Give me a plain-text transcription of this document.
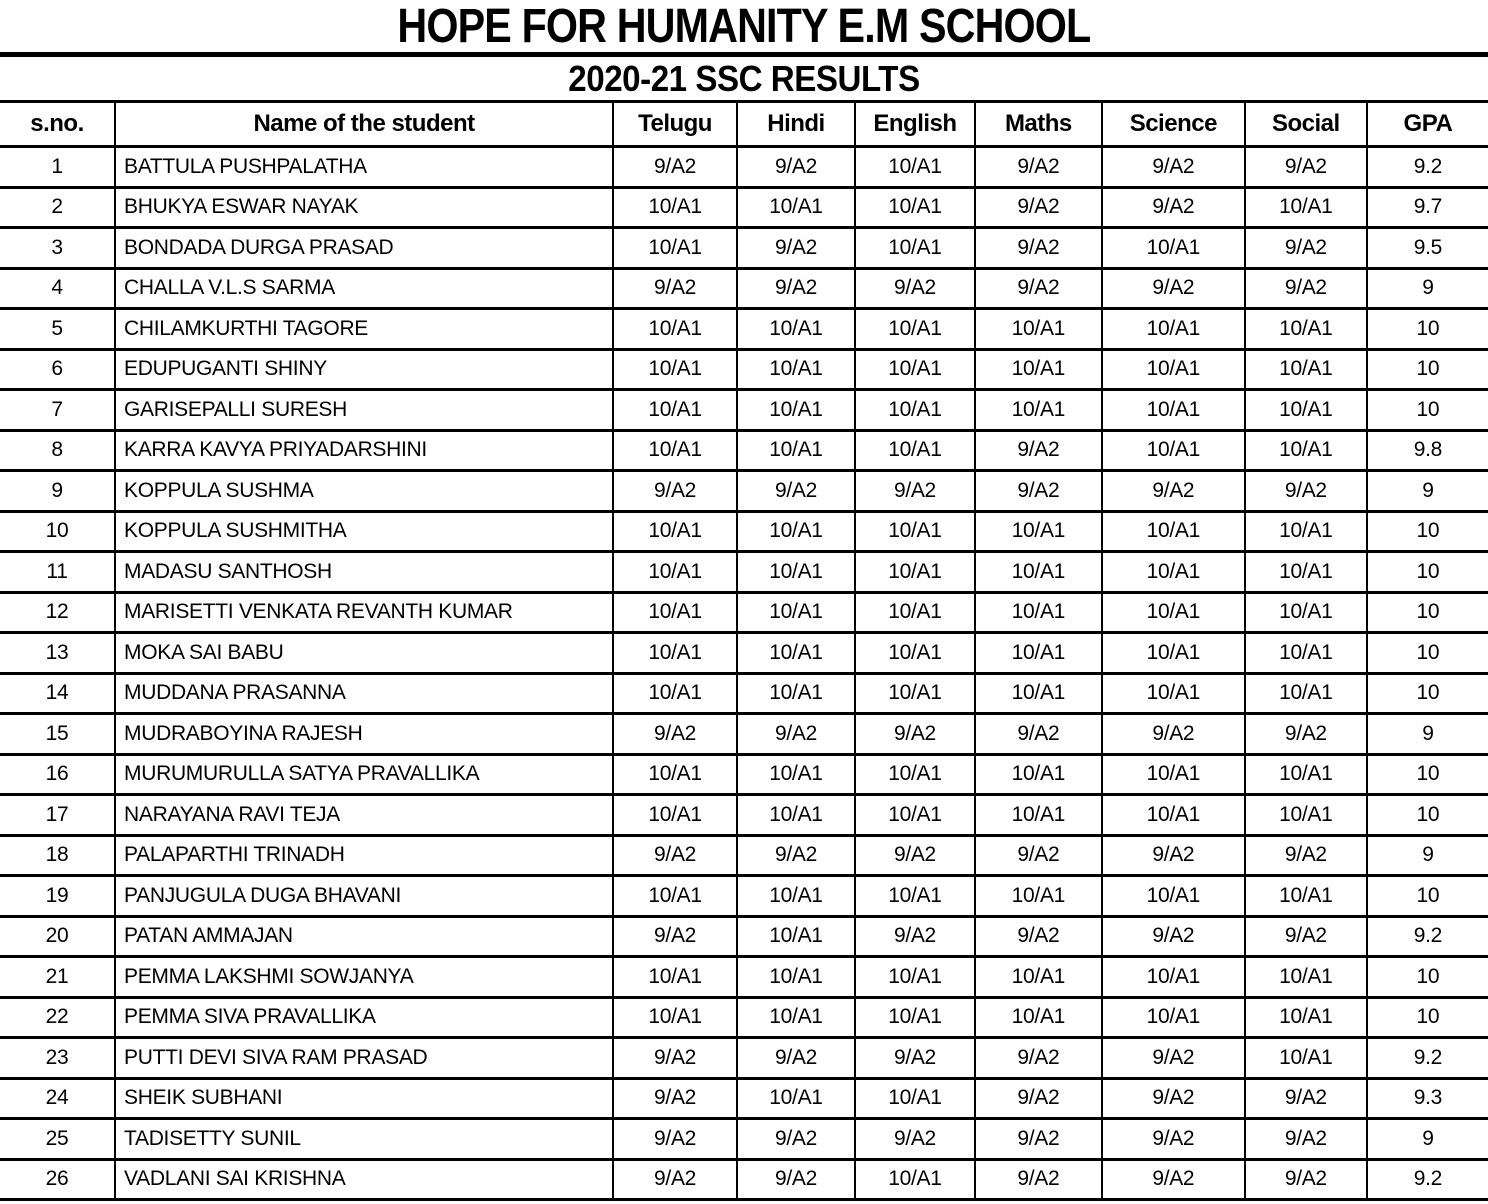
HOPE FOR HUMANITY E.M SCHOOL
2020-21 SSC RESULTS
s.no.	Name of the student	Telugu	Hindi	English	Maths	Science	Social	GPA
1	BATTULA PUSHPALATHA	9/A2	9/A2	10/A1	9/A2	9/A2	9/A2	9.2
2	BHUKYA ESWAR NAYAK	10/A1	10/A1	10/A1	9/A2	9/A2	10/A1	9.7
3	BONDADA DURGA PRASAD	10/A1	9/A2	10/A1	9/A2	10/A1	9/A2	9.5
4	CHALLA V.L.S SARMA	9/A2	9/A2	9/A2	9/A2	9/A2	9/A2	9
5	CHILAMKURTHI TAGORE	10/A1	10/A1	10/A1	10/A1	10/A1	10/A1	10
6	EDUPUGANTI SHINY	10/A1	10/A1	10/A1	10/A1	10/A1	10/A1	10
7	GARISEPALLI SURESH	10/A1	10/A1	10/A1	10/A1	10/A1	10/A1	10
8	KARRA KAVYA PRIYADARSHINI	10/A1	10/A1	10/A1	9/A2	10/A1	10/A1	9.8
9	KOPPULA SUSHMA	9/A2	9/A2	9/A2	9/A2	9/A2	9/A2	9
10	KOPPULA SUSHMITHA	10/A1	10/A1	10/A1	10/A1	10/A1	10/A1	10
11	MADASU SANTHOSH	10/A1	10/A1	10/A1	10/A1	10/A1	10/A1	10
12	MARISETTI VENKATA REVANTH KUMAR	10/A1	10/A1	10/A1	10/A1	10/A1	10/A1	10
13	MOKA SAI BABU	10/A1	10/A1	10/A1	10/A1	10/A1	10/A1	10
14	MUDDANA PRASANNA	10/A1	10/A1	10/A1	10/A1	10/A1	10/A1	10
15	MUDRABOYINA RAJESH	9/A2	9/A2	9/A2	9/A2	9/A2	9/A2	9
16	MURUMURULLA SATYA PRAVALLIKA	10/A1	10/A1	10/A1	10/A1	10/A1	10/A1	10
17	NARAYANA RAVI TEJA	10/A1	10/A1	10/A1	10/A1	10/A1	10/A1	10
18	PALAPARTHI TRINADH	9/A2	9/A2	9/A2	9/A2	9/A2	9/A2	9
19	PANJUGULA DUGA BHAVANI	10/A1	10/A1	10/A1	10/A1	10/A1	10/A1	10
20	PATAN AMMAJAN	9/A2	10/A1	9/A2	9/A2	9/A2	9/A2	9.2
21	PEMMA LAKSHMI SOWJANYA	10/A1	10/A1	10/A1	10/A1	10/A1	10/A1	10
22	PEMMA SIVA PRAVALLIKA	10/A1	10/A1	10/A1	10/A1	10/A1	10/A1	10
23	PUTTI DEVI SIVA RAM PRASAD	9/A2	9/A2	9/A2	9/A2	9/A2	10/A1	9.2
24	SHEIK SUBHANI	9/A2	10/A1	10/A1	9/A2	9/A2	9/A2	9.3
25	TADISETTY SUNIL	9/A2	9/A2	9/A2	9/A2	9/A2	9/A2	9
26	VADLANI SAI KRISHNA	9/A2	9/A2	10/A1	9/A2	9/A2	9/A2	9.2
